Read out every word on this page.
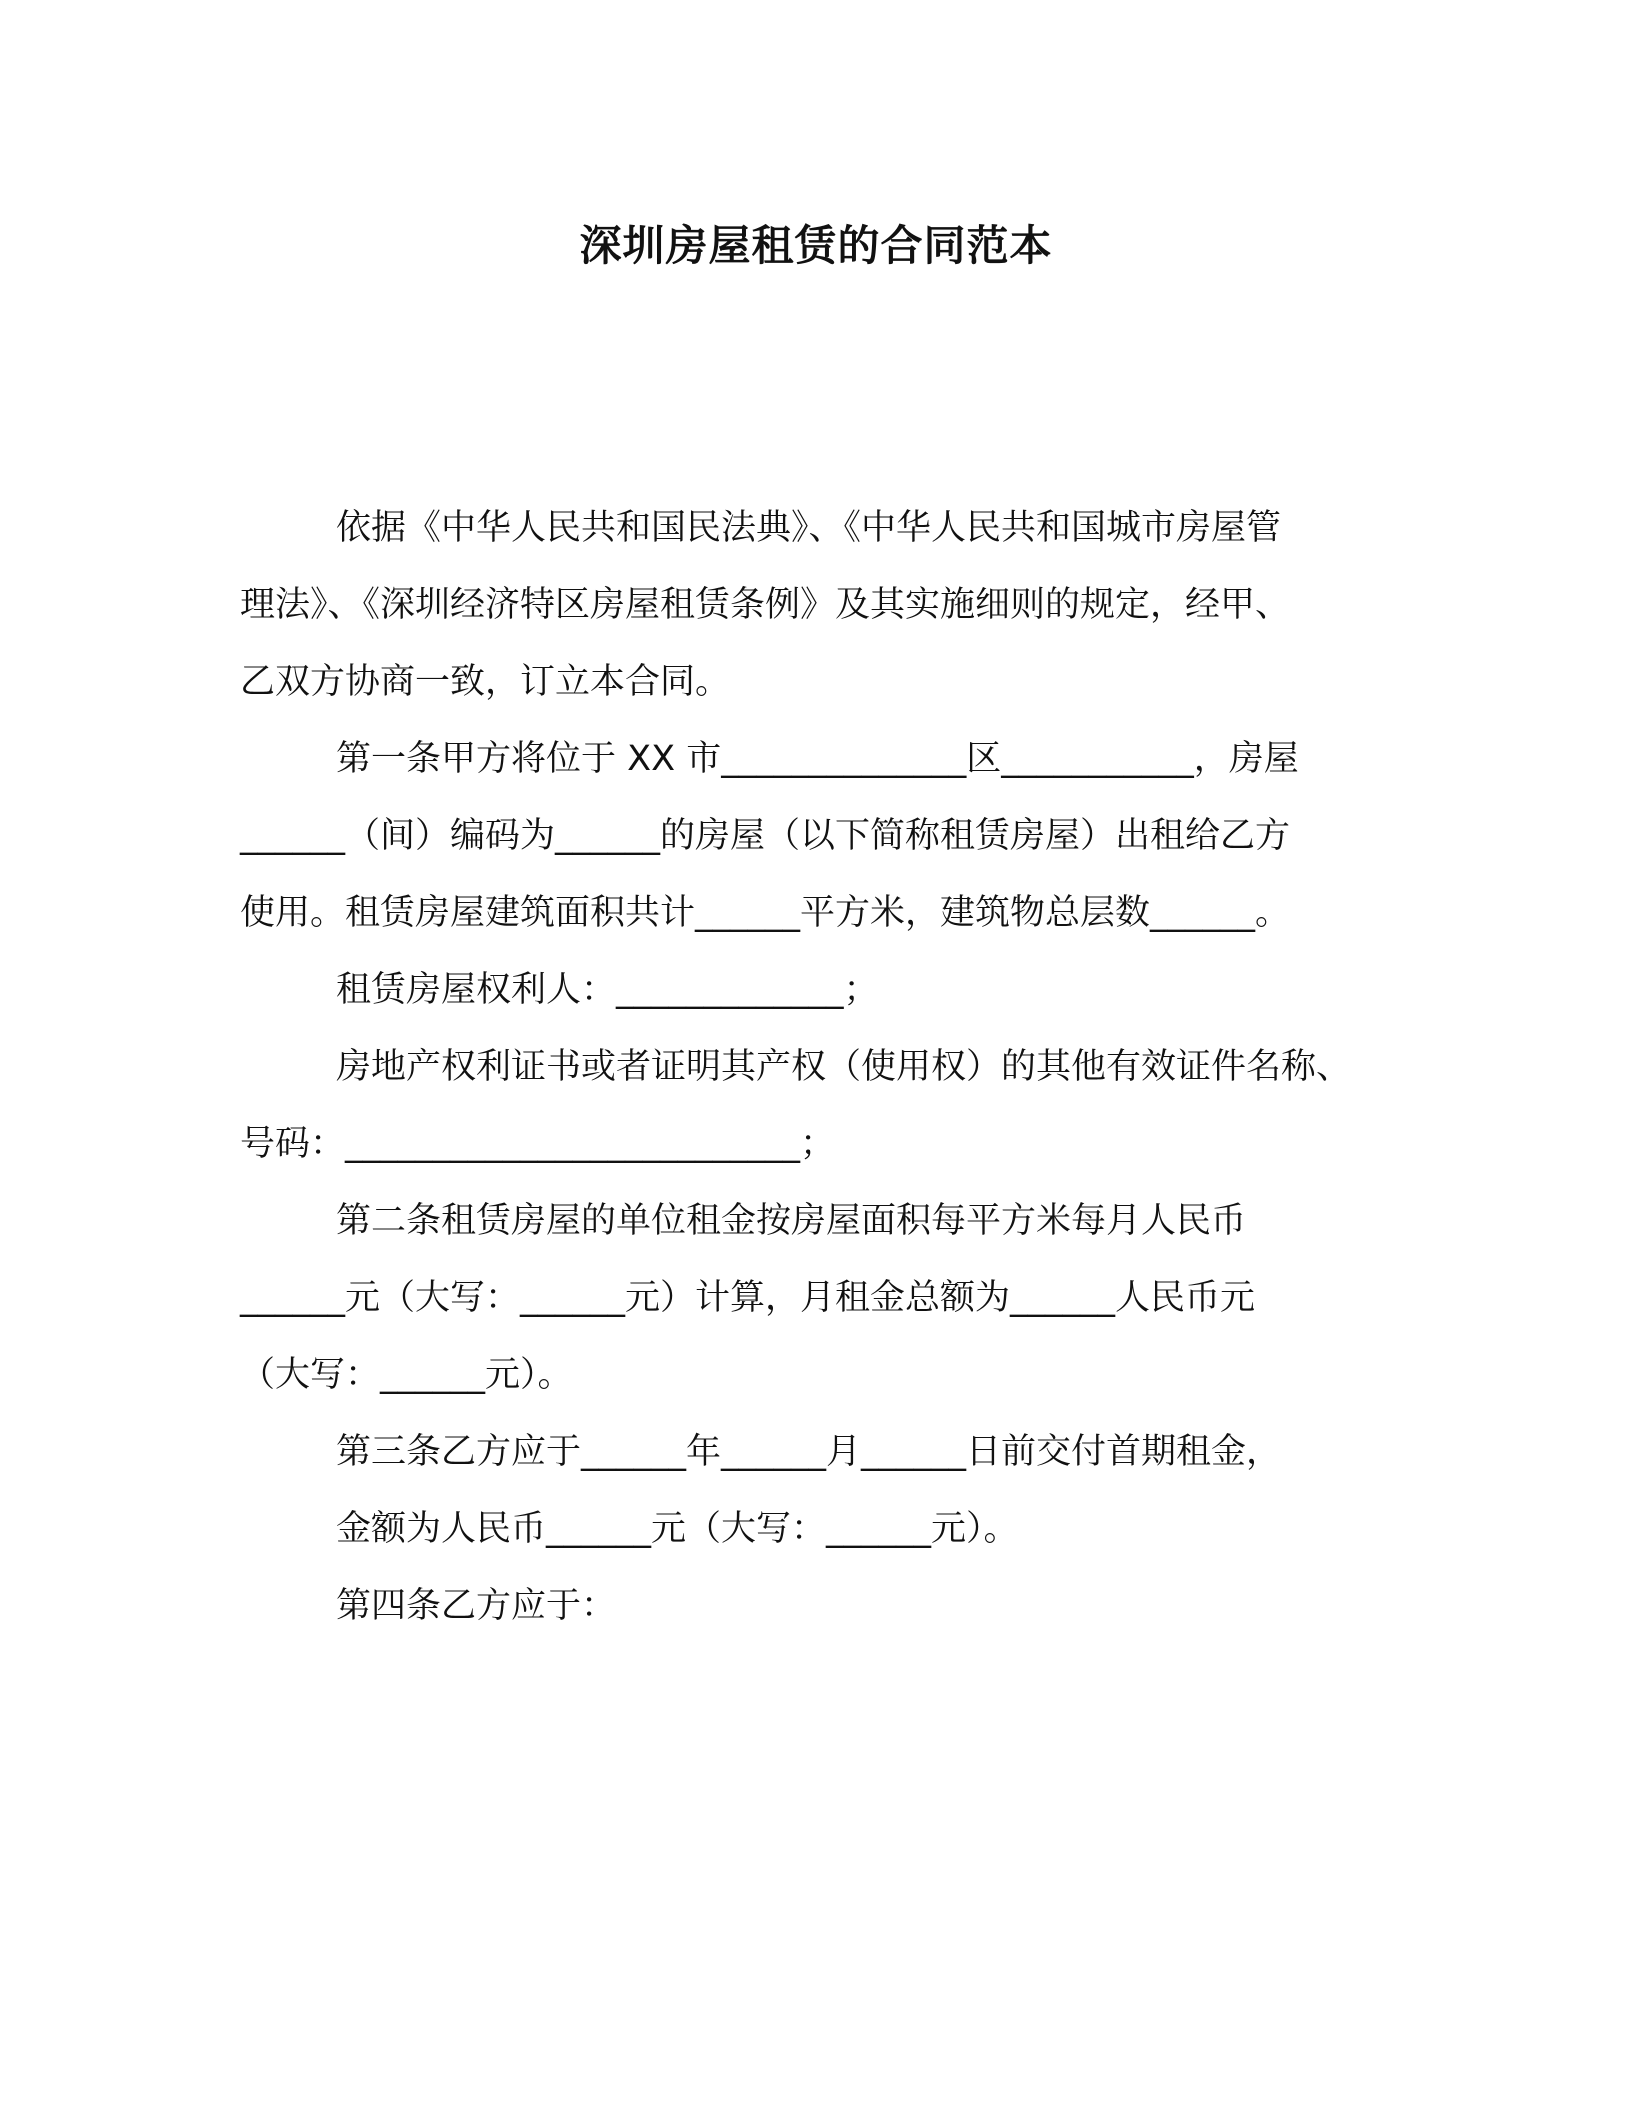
深圳房屋租赁的合同范本
依据《中华人民共和国民法典》、《中华人民共和国城市房屋管
理法》、《深圳经济特区房屋租赁条例》及其实施细则的规定，经甲、
乙双方协商一致，订立本合同。
第一条甲方将位于 XX 市______________区___________，房屋
______（间）编码为______的房屋（以下简称租赁房屋）出租给乙方
使用。租赁房屋建筑面积共计______平方米，建筑物总层数______。
租赁房屋权利人：_____________；
房地产权利证书或者证明其产权（使用权）的其他有效证件名称、
号码：__________________________；
第二条租赁房屋的单位租金按房屋面积每平方米每月人民币
______元（大写：______元）计算，月租金总额为______人民币元
（大写：______元）。
第三条乙方应于______年______月______日前交付首期租金，
金额为人民币______元（大写：______元）。
第四条乙方应于：
